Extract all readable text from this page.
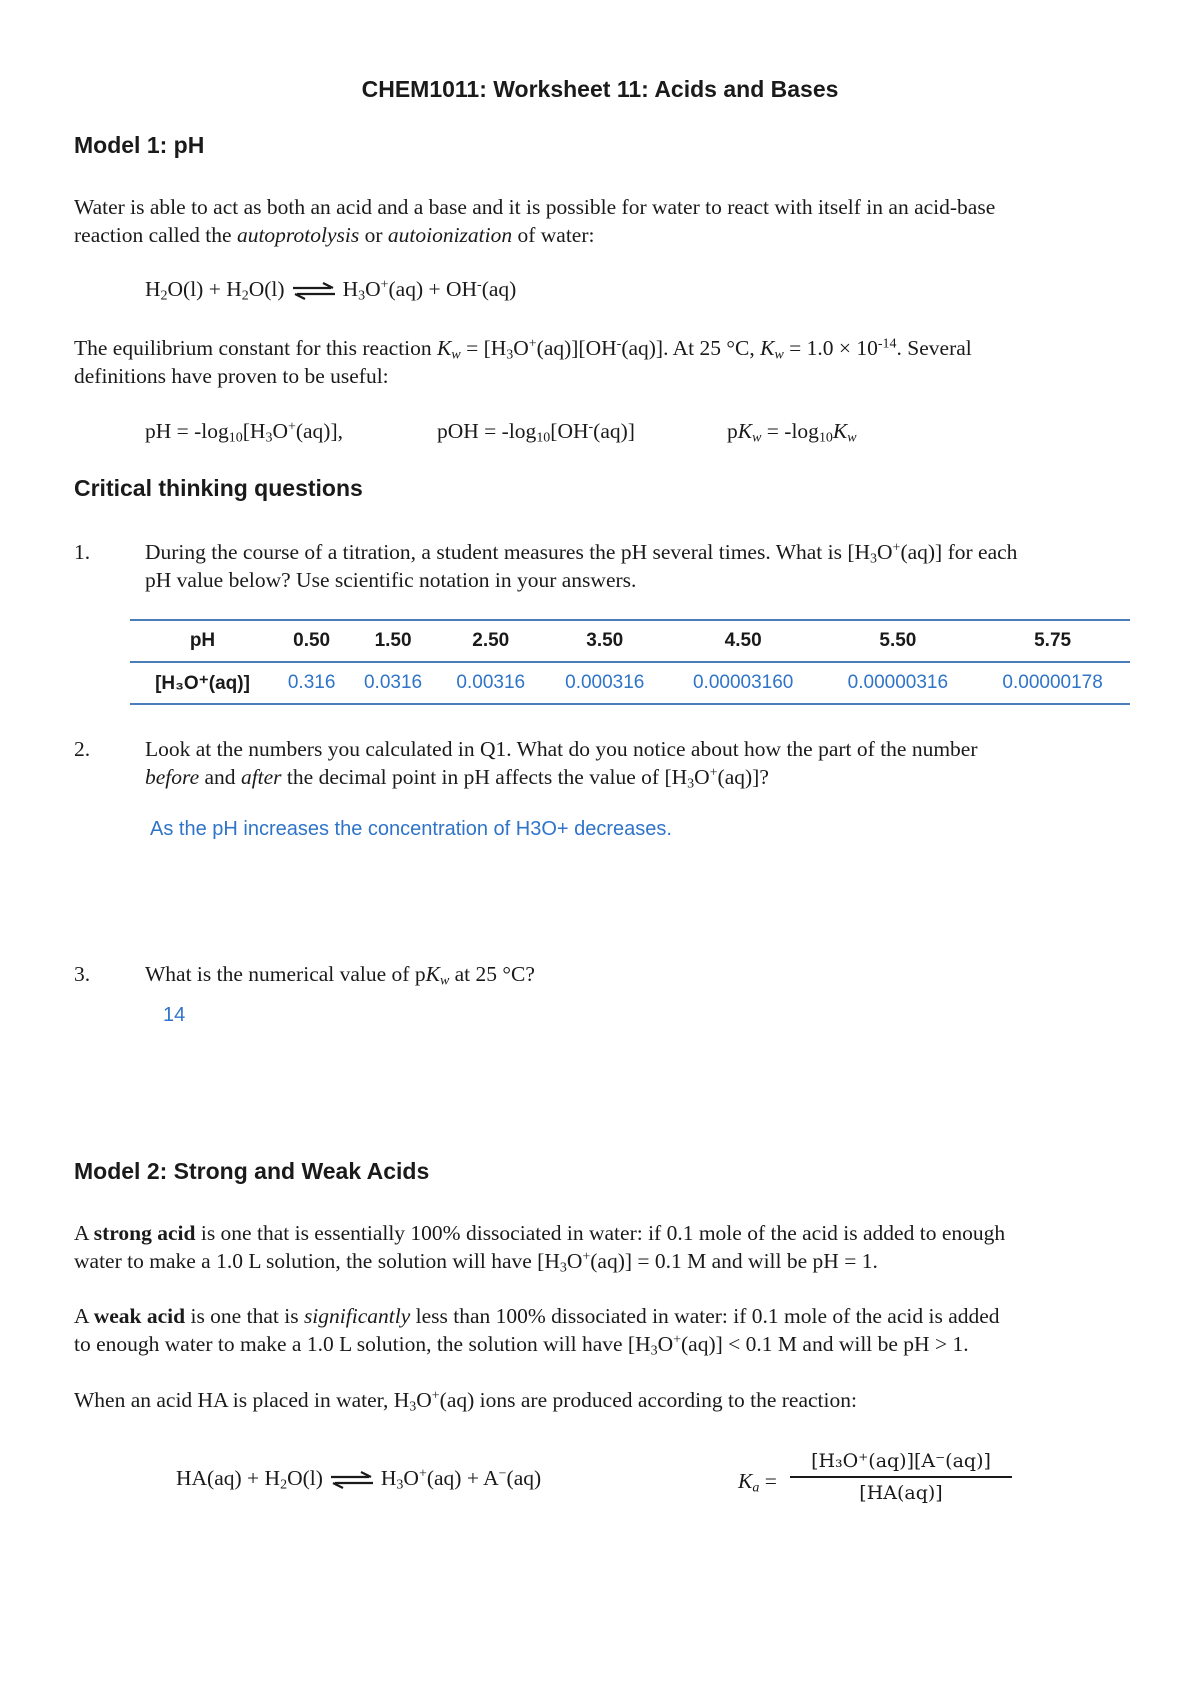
CHEM1011: Worksheet 11: Acids and Bases
Model 1: pH
Water is able to act as both an acid and a base and it is possible for water to react with itself in an acid-base
reaction called the autoprotolysis or autoionization of water:
$H_2O(l) + H_2O(l)$ ⇌ $H_3O^+(aq) + OH^-(aq)$
The equilibrium constant for this reaction $K_w = [H_3O^+(aq)][OH^-(aq)]$. At 25 °C, $K_w = 1.0 \times 10^{-14}$. Several
definitions have proven to be useful:
pH = $-\log_{10}[H_3O^+(aq)]$,	pOH = $-\log_{10}[OH^-(aq)]$	$pK_w = -\log_{10}K_w$
Critical thinking questions
1.	During the course of a titration, a student measures the pH several times. What is $[H_3O^+(aq)]$ for each
pH value below? Use scientific notation in your answers.
pH	0.50	1.50	2.50	3.50	4.50	5.50	5.75
[H₃O⁺(aq)]	0.316	0.0316	0.00316	0.000316	0.00003160	0.00000316	0.00000178
2.	Look at the numbers you calculated in Q1. What do you notice about how the part of the number
before and after the decimal point in pH affects the value of $[H_3O^+(aq)]$?
As the pH increases the concentration of H3O+ decreases.
3.	What is the numerical value of $pK_w$ at 25 °C?
14
Model 2: Strong and Weak Acids
A strong acid is one that is essentially 100% dissociated in water: if 0.1 mole of the acid is added to enough
water to make a 1.0 L solution, the solution will have $[H_3O^+(aq)] = 0.1$ M and will be pH = 1.
A weak acid is one that is significantly less than 100% dissociated in water: if 0.1 mole of the acid is added
to enough water to make a 1.0 L solution, the solution will have $[H_3O^+(aq)] < 0.1$ M and will be pH > 1.
When an acid HA is placed in water, $H_3O^+(aq)$ ions are produced according to the reaction:
$HA(aq) + H_2O(l)$ ⇌ $H_3O^+(aq) + A^-(aq)$	$K_a = \frac{\text{[H₃O⁺(aq)][A⁻(aq)]}}{[HA(aq)]}$
